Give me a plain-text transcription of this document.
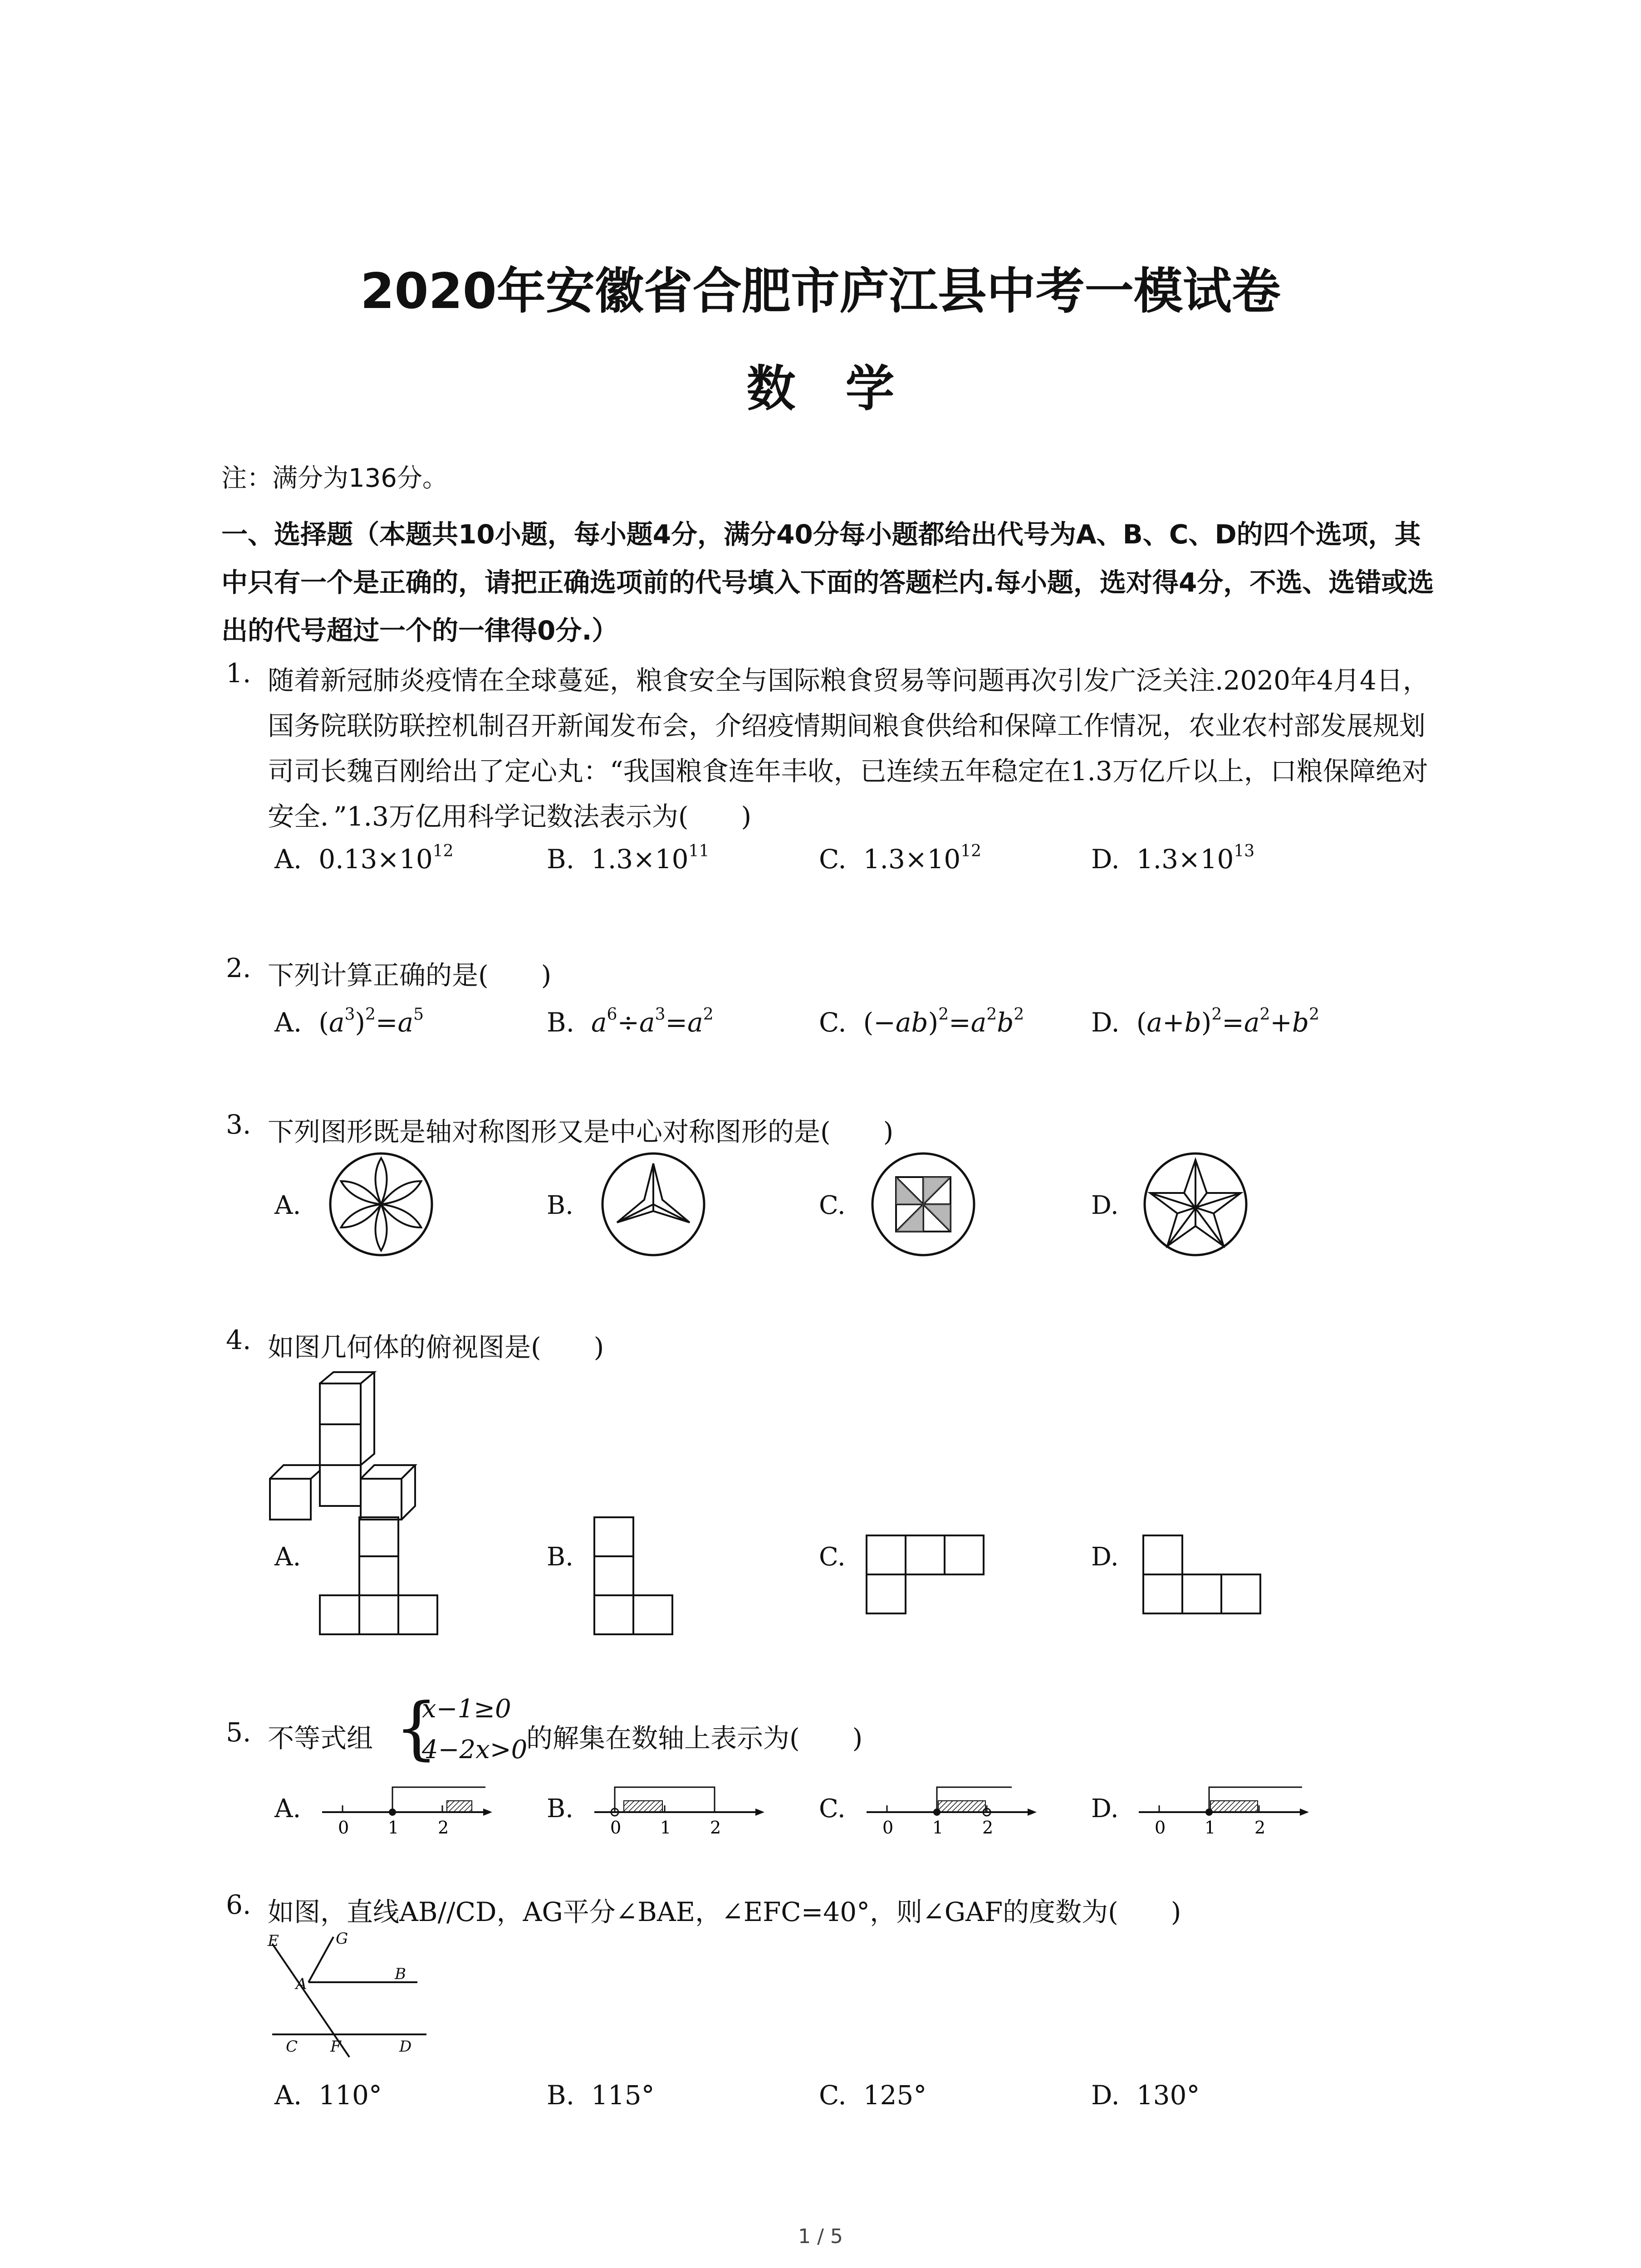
2020年安徽省合肥市庐江县中考一模试卷
数学
注：满分为136分。
一、选择题（本题共10小题，每小题4分，满分40分每小题都给出代号为A、B、C、D的四个选项，其中只有一个是正确的，请把正确选项前的代号填入下面的答题栏内.每小题，选对得4分，不选、选错或选出的代号超过一个的一律得0分.）
1. 随着新冠肺炎疫情在全球蔓延，粮食安全与国际粮食贸易等问题再次引发广泛关注.2020年4月4日，国务院联防联控机制召开新闻发布会，介绍疫情期间粮食供给和保障工作情况，农业农村部发展规划司司长魏百刚给出了定心丸：“我国粮食连年丰收，已连续五年稳定在1.3万亿斤以上，口粮保障绝对安全．”1.3万亿用科学记数法表示为(　　)
A. $0.13\times 10^{12}$	B. $1.3\times 10^{11}$	C. $1.3\times 10^{12}$	D. $1.3\times 10^{13}$
2. 下列计算正确的是(　　)
A.  $(a^3)^2=a^5$	B. $a^6\div a^3=a^2$	C.  $(-ab)^2=a^2b^2$	D.  $(a+b)^2=a^2+b^2$
3. 下列图形既是轴对称图形又是中心对称图形的是(　　)
A.	B.	C.	D.
4. 如图几何体的俯视图是(　　)
A.	B.	C.	D.
5. 不等式组 {
x−1≥0
4−2x>0
的解集在数轴上表示为(　　)
A.	B.	C.	D.
0 1 2	0 1 2	0 1 2	0 1 2
6. 如图，直线AB//CD，AG平分∠BAE，∠EFC=40°，则∠GAF的度数为(　　)
E	G
A
B
C F	D
A. 110°	B. 115°	C. 125°	D. 130°
1 / 5
